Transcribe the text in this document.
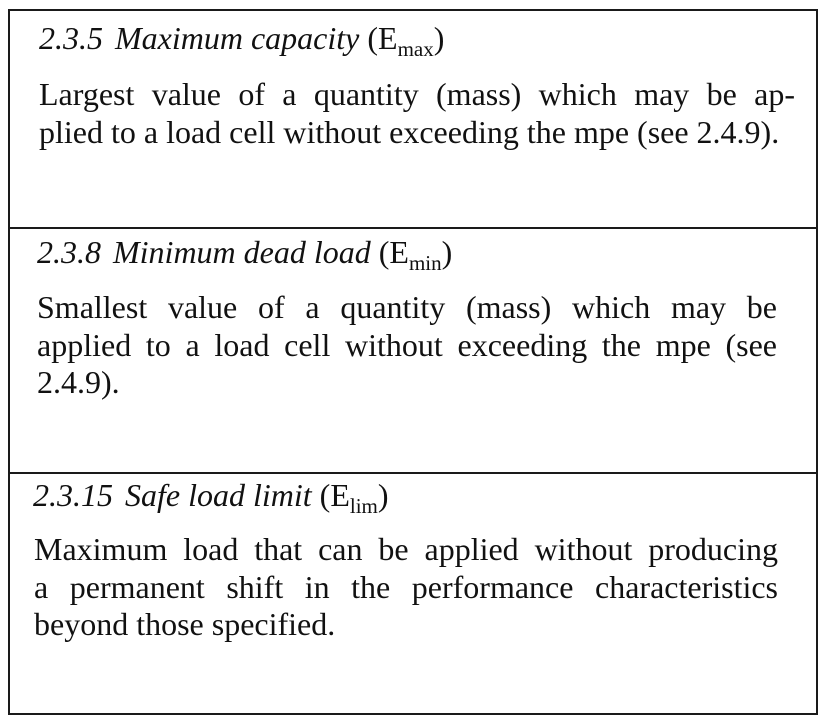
2.3.5 Maximum capacity $(E_{max})$
Largest value of a quantity (mass) which may be ap-
plied to a load cell without exceeding the mpe (see 2.4.9).
2.3.8 Minimum dead load $(E_{min})$
Smallest value of a quantity (mass) which may be
applied to a load cell without exceeding the mpe (see
2.4.9).
2.3.15 Safe load limit $(E_{lim})$
Maximum load that can be applied without producing
a permanent shift in the performance characteristics
beyond those specified.
